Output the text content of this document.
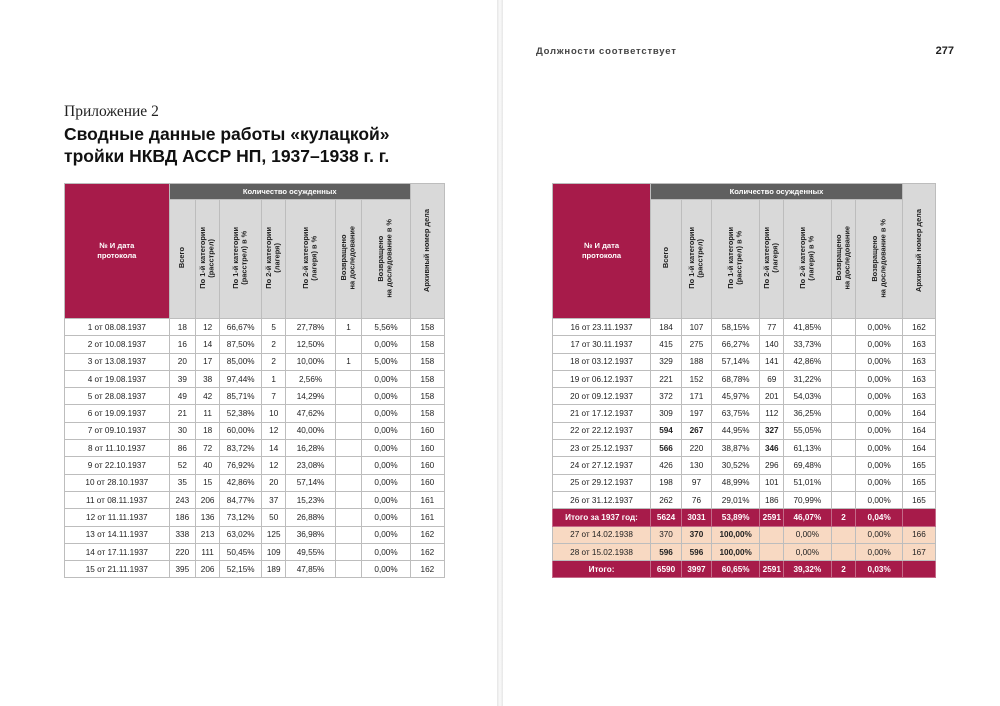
Приложение 2
Сводные данные работы «кулацкой» тройки НКВД АССР НП, 1937–1938 г. г.
Должности соответствует	277
№ И дата
протокола	Количество осужденных							Архивный номер дела
	Всего	По 1-й категории
(расстрел)	По 1-й категории
(расстрел) в %	По 2-й категории
(лагеря)	По 2-й категории
(лагеря) в %	Возвращено
на доследование	Возвращено
на доследование в %	
1 от 08.08.1937	18	12	66,67%	5	27,78%	1	5,56%	158
2 от 10.08.1937	16	14	87,50%	2	12,50%		0,00%	158
3 от 13.08.1937	20	17	85,00%	2	10,00%	1	5,00%	158
4 от 19.08.1937	39	38	97,44%	1	2,56%		0,00%	158
5 от 28.08.1937	49	42	85,71%	7	14,29%		0,00%	158
6 от 19.09.1937	21	11	52,38%	10	47,62%		0,00%	158
7 от 09.10.1937	30	18	60,00%	12	40,00%		0,00%	160
8 от 11.10.1937	86	72	83,72%	14	16,28%		0,00%	160
9 от 22.10.1937	52	40	76,92%	12	23,08%		0,00%	160
10 от 28.10.1937	35	15	42,86%	20	57,14%		0,00%	160
11 от 08.11.1937	243	206	84,77%	37	15,23%		0,00%	161
12 от 11.11.1937	186	136	73,12%	50	26,88%		0,00%	161
13 от 14.11.1937	338	213	63,02%	125	36,98%		0,00%	162
14 от 17.11.1937	220	111	50,45%	109	49,55%		0,00%	162
15 от 21.11.1937	395	206	52,15%	189	47,85%		0,00%	162
№ И дата
протокола	Количество осужденных							Архивный номер дела
	Всего	По 1-й категории
(расстрел)	По 1-й категории
(расстрел) в %	По 2-й категории
(лагеря)	По 2-й категории
(лагеря) в %	Возвращено
на доследование	Возвращено
на доследование в %	
16 от 23.11.1937	184	107	58,15%	77	41,85%		0,00%	162
17 от 30.11.1937	415	275	66,27%	140	33,73%		0,00%	163
18 от 03.12.1937	329	188	57,14%	141	42,86%		0,00%	163
19 от 06.12.1937	221	152	68,78%	69	31,22%		0,00%	163
20 от 09.12.1937	372	171	45,97%	201	54,03%		0,00%	163
21 от 17.12.1937	309	197	63,75%	112	36,25%		0,00%	164
22 от 22.12.1937	594	267	44,95%	327	55,05%		0,00%	164
23 от 25.12.1937	566	220	38,87%	346	61,13%		0,00%	164
24 от 27.12.1937	426	130	30,52%	296	69,48%		0,00%	165
25 от 29.12.1937	198	97	48,99%	101	51,01%		0,00%	165
26 от 31.12.1937	262	76	29,01%	186	70,99%		0,00%	165
Итого за 1937 год:	5624	3031	53,89%	2591	46,07%	2	0,04%	
27 от 14.02.1938	370	370	100,00%		0,00%		0,00%	166
28 от 15.02.1938	596	596	100,00%		0,00%		0,00%	167
Итого:	6590	3997	60,65%	2591	39,32%	2	0,03%	
